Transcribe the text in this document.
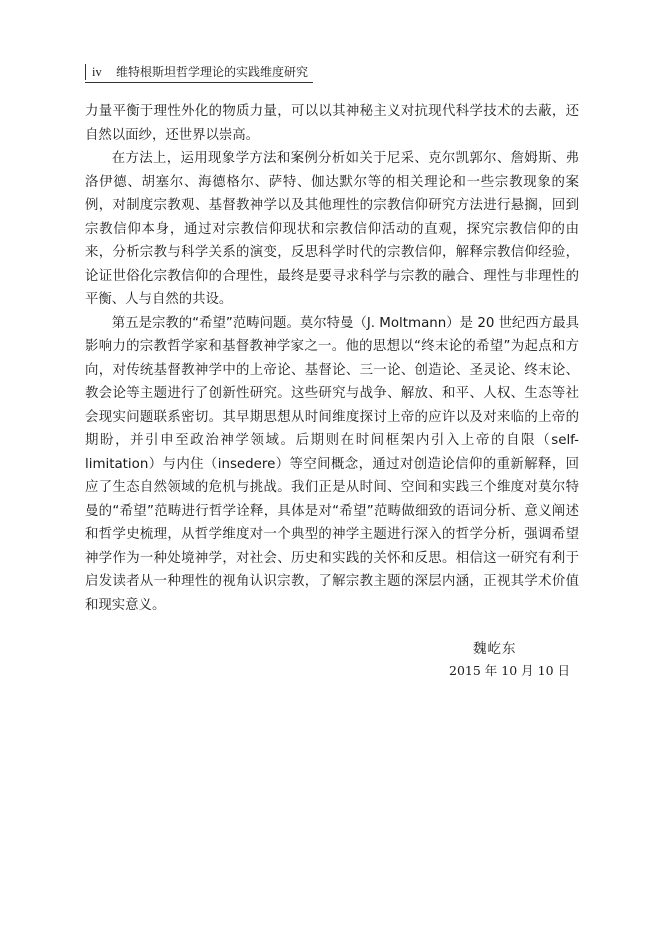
iv 维特根斯坦哲学理论的实践维度研究

力量平衡于理性外化的物质力量，可以以其神秘主义对抗现代科学技术的去蔽，还自然以面纱，还世界以崇高。

在方法上，运用现象学方法和案例分析如关于尼采、克尔凯郭尔、詹姆斯、弗洛伊德、胡塞尔、海德格尔、萨特、伽达默尔等的相关理论和一些宗教现象的案例，对制度宗教观、基督教神学以及其他理性的宗教信仰研究方法进行悬搁，回到宗教信仰本身，通过对宗教信仰现状和宗教信仰活动的直观，探究宗教信仰的由来，分析宗教与科学关系的演变，反思科学时代的宗教信仰，解释宗教信仰经验，论证世俗化宗教信仰的合理性，最终是要寻求科学与宗教的融合、理性与非理性的平衡、人与自然的共设。

第五是宗教的“希望”范畴问题。莫尔特曼（J. Moltmann）是 20 世纪西方最具影响力的宗教哲学家和基督教神学家之一。他的思想以“终末论的希望”为起点和方向，对传统基督教神学中的上帝论、基督论、三一论、创造论、圣灵论、终末论、教会论等主题进行了创新性研究。这些研究与战争、解放、和平、人权、生态等社会现实问题联系密切。其早期思想从时间维度探讨上帝的应许以及对来临的上帝的期盼，并引申至政治神学领域。后期则在时间框架内引入上帝的自限（self-limitation）与内住（insedere）等空间概念，通过对创造论信仰的重新解释，回应了生态自然领域的危机与挑战。我们正是从时间、空间和实践三个维度对莫尔特曼的“希望”范畴进行哲学诠释，具体是对“希望”范畴做细致的语词分析、意义阐述和哲学史梳理，从哲学维度对一个典型的神学主题进行深入的哲学分析，强调希望神学作为一种处境神学，对社会、历史和实践的关怀和反思。相信这一研究有利于启发读者从一种理性的视角认识宗教，了解宗教主题的深层内涵，正视其学术价值和现实意义。

魏屹东
2015 年 10 月 10 日
